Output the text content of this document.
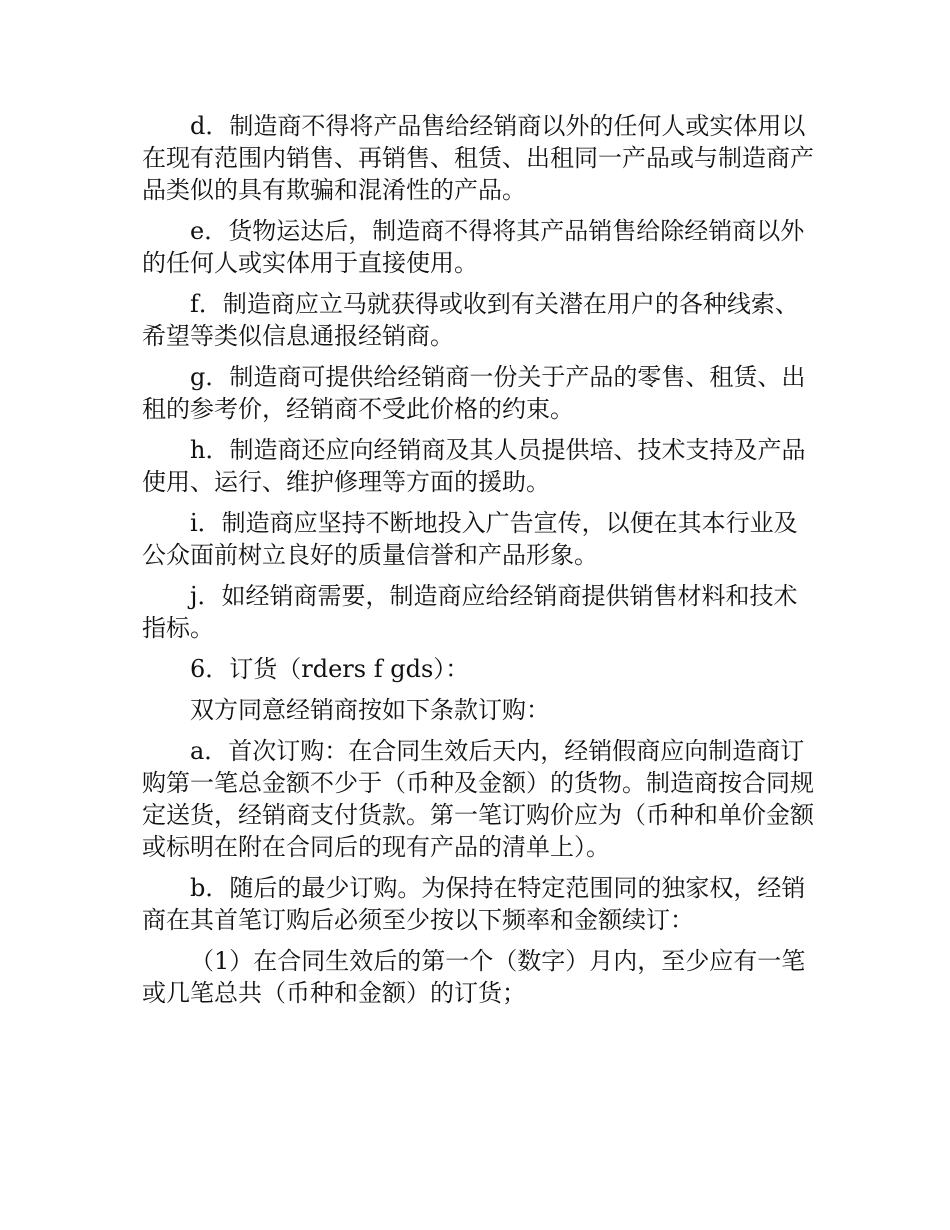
d．制造商不得将产品售给经销商以外的任何人或实体用以在现有范围内销售、再销售、租赁、出租同一产品或与制造商产品类似的具有欺骗和混淆性的产品。

e．货物运达后，制造商不得将其产品销售给除经销商以外的任何人或实体用于直接使用。

f．制造商应立马就获得或收到有关潜在用户的各种线索、希望等类似信息通报经销商。

g．制造商可提供给经销商一份关于产品的零售、租赁、出租的参考价，经销商不受此价格的约束。

h．制造商还应向经销商及其人员提供培、技术支持及产品使用、运行、维护修理等方面的援助。

i．制造商应坚持不断地投入广告宣传，以便在其本行业及公众面前树立良好的质量信誉和产品形象。

j．如经销商需要，制造商应给经销商提供销售材料和技术指标。

6．订货（rders f gds）：

双方同意经销商按如下条款订购：

a．首次订购：在合同生效后天内，经销假商应向制造商订购第一笔总金额不少于（币种及金额）的货物。制造商按合同规定送货，经销商支付货款。第一笔订购价应为（币种和单价金额或标明在附在合同后的现有产品的清单上）。

b．随后的最少订购。为保持在特定范围同的独家权，经销商在其首笔订购后必须至少按以下频率和金额续订：

（1）在合同生效后的第一个（数字）月内，至少应有一笔或几笔总共（币种和金额）的订货；
